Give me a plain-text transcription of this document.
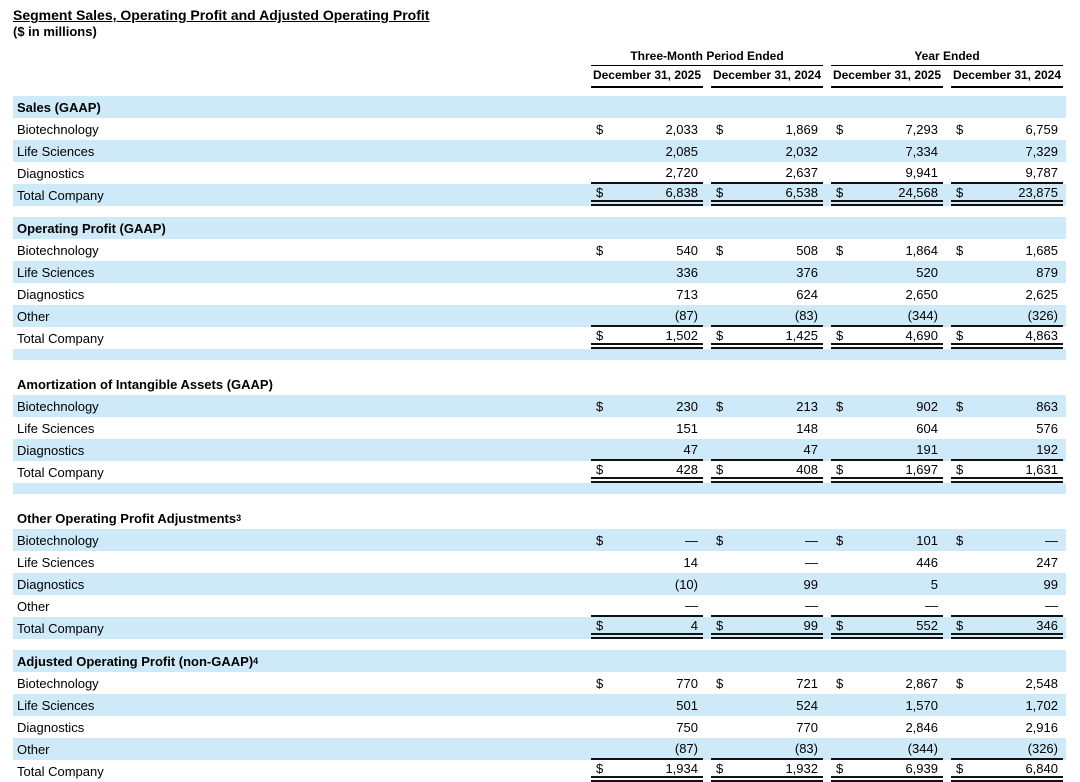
Segment Sales, Operating Profit and Adjusted Operating Profit
($ in millions)
Three-Month Period Ended	Year Ended
December 31, 2025 December 31, 2024 December 31, 2025 December 31, 2024
Sales (GAAP)
Biotechnology	$	2,033 $	1,869 $	7,293 $	6,759
Life Sciences	2,085	2,032	7,334	7,329
Diagnostics	2,720	2,637	9,941	9,787
Total Company	$	6,838 $	6,538 $	24,568 $	23,875
Operating Profit (GAAP)
Biotechnology	$	540 $	508 $	1,864 $	1,685
Life Sciences	336	376	520	879
Diagnostics	713	624	2,650	2,625
Other	(87)	(83)	(344)	(326)
Total Company	$	1,502 $	1,425 $	4,690 $	4,863
Amortization of Intangible Assets (GAAP)
Biotechnology	$	230 $	213 $	902 $	863
Life Sciences	151	148	604	576
Diagnostics	47	47	191	192
Total Company	$	428 $	408 $	1,697 $	1,631
Other Operating Profit Adjustments 3
Biotechnology	$	— $	— $	101 $	—
Life Sciences	14	—	446	247
Diagnostics	(10)	99	5	99
Other	—	—	—	—
Total Company	$	4 $	99 $	552 $	346
Adjusted Operating Profit (non-GAAP) 4
Biotechnology	$	770 $	721 $	2,867 $	2,548
Life Sciences	501	524	1,570	1,702
Diagnostics	750	770	2,846	2,916
Other	(87)	(83)	(344)	(326)
Total Company	$	1,934 $	1,932 $	6,939 $	6,840
